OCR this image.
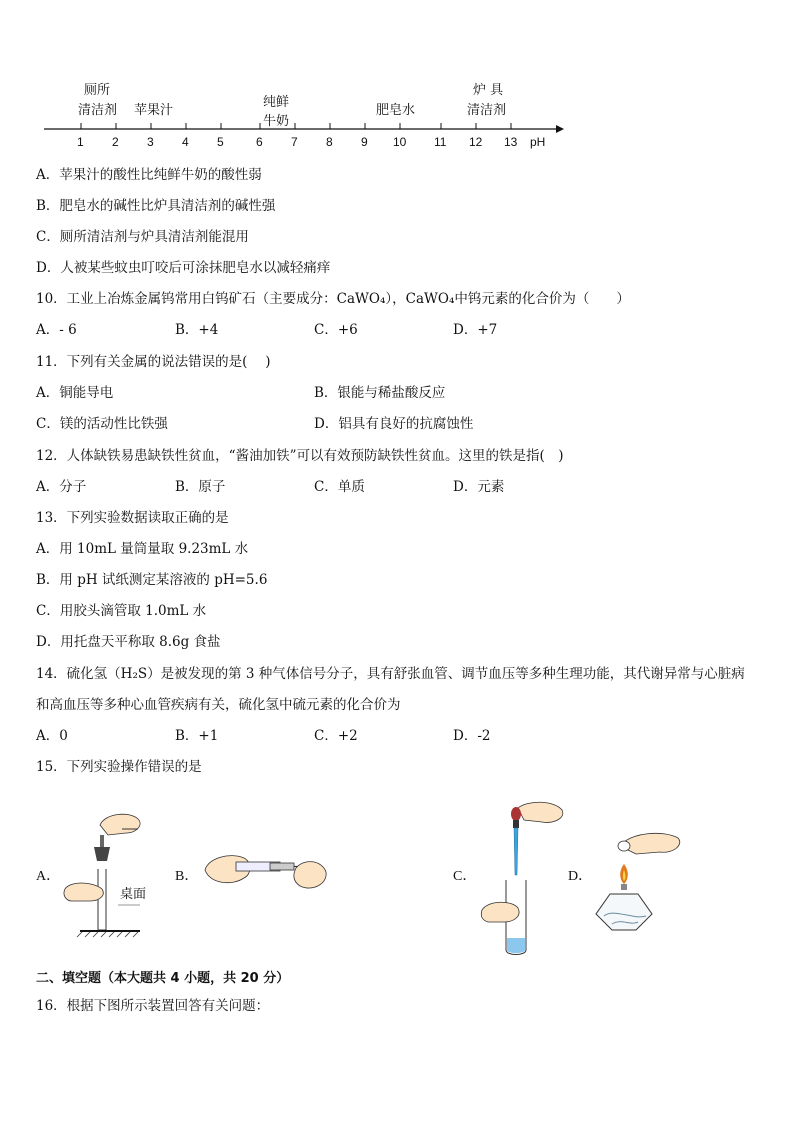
1 2 3 4 5	6 7 8 9 10 11 12 13 pH
厕所
清洁剂 苹果汁
纯鲜
牛奶
肥皂水
炉 具
清洁剂
A．苹果汁的酸性比纯鲜牛奶的酸性弱
B．肥皂水的碱性比炉具清洁剂的碱性强
C．厕所清洁剂与炉具清洁剂能混用
D．人被某些蚊虫叮咬后可涂抹肥皂水以减轻痛痒
10．工业上冶炼金属钨常用白钨矿石（主要成分：CaWO₄），CaWO₄中钨元素的化合价为（　　）
A．- 6	B．+4	C．+6	D．+7
11．下列有关金属的说法错误的是(　 )
A．铜能导电	B．银能与稀盐酸反应
C．镁的活动性比铁强	D．铝具有良好的抗腐蚀性
12．人体缺铁易患缺铁性贫血，“酱油加铁”可以有效预防缺铁性贫血。这里的铁是指(　)
A．分子	B．原子	C．单质	D．元素
13．下列实验数据读取正确的是
A．用 10mL 量筒量取 9.23mL 水
B．用 pH 试纸测定某溶液的 pH=5.6
C．用胶头滴管取 1.0mL 水
D．用托盘天平称取 8.6g 食盐
14．硫化氢（H₂S）是被发现的第 3 种气体信号分子，具有舒张血管、调节血压等多种生理功能，其代谢异常与心脏病
和高血压等多种心血管疾病有关，硫化氢中硫元素的化合价为
A．0	B．+1	C．+2	D．-2
15．下列实验操作错误的是
A．
桌面
B．	C．	D．
二、填空题（本大题共 4 小题，共 20 分）
16．根据下图所示装置回答有关问题：
